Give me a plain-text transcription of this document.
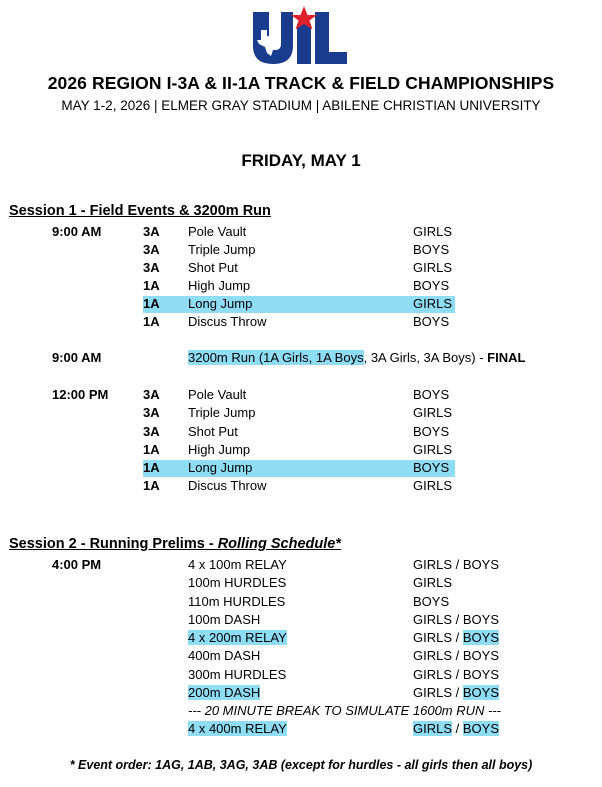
2026 REGION I-3A & II-1A TRACK & FIELD CHAMPIONSHIPS
MAY 1-2, 2026 | ELMER GRAY STADIUM | ABILENE CHRISTIAN UNIVERSITY
FRIDAY, MAY 1
Session 1 - Field Events & 3200m Run
9:00 AM	3A Pole Vault	GIRLS
3A Triple Jump	BOYS
3A Shot Put	GIRLS
1A High Jump	BOYS
1A Long Jump	GIRLS
1A Discus Throw	BOYS
9:00 AM	3200m Run (1A Girls, 1A Boys, 3A Girls, 3A Boys) - FINAL
12:00 PM	3A Pole Vault	BOYS
3A Triple Jump	GIRLS
3A Shot Put	BOYS
1A High Jump	GIRLS
1A Long Jump	BOYS
1A Discus Throw	GIRLS
Session 2 - Running Prelims - Rolling Schedule*
4:00 PM	4 x 100m RELAY	GIRLS / BOYS
100m HURDLES	GIRLS
110m HURDLES	BOYS
100m DASH	GIRLS / BOYS
4 x 200m RELAY	GIRLS / BOYS
400m DASH	GIRLS / BOYS
300m HURDLES	GIRLS / BOYS
200m DASH	GIRLS / BOYS
--- 20 MINUTE BREAK TO SIMULATE 1600m RUN ---
4 x 400m RELAY	GIRLS / BOYS
* Event order: 1AG, 1AB, 3AG, 3AB (except for hurdles - all girls then all boys)
